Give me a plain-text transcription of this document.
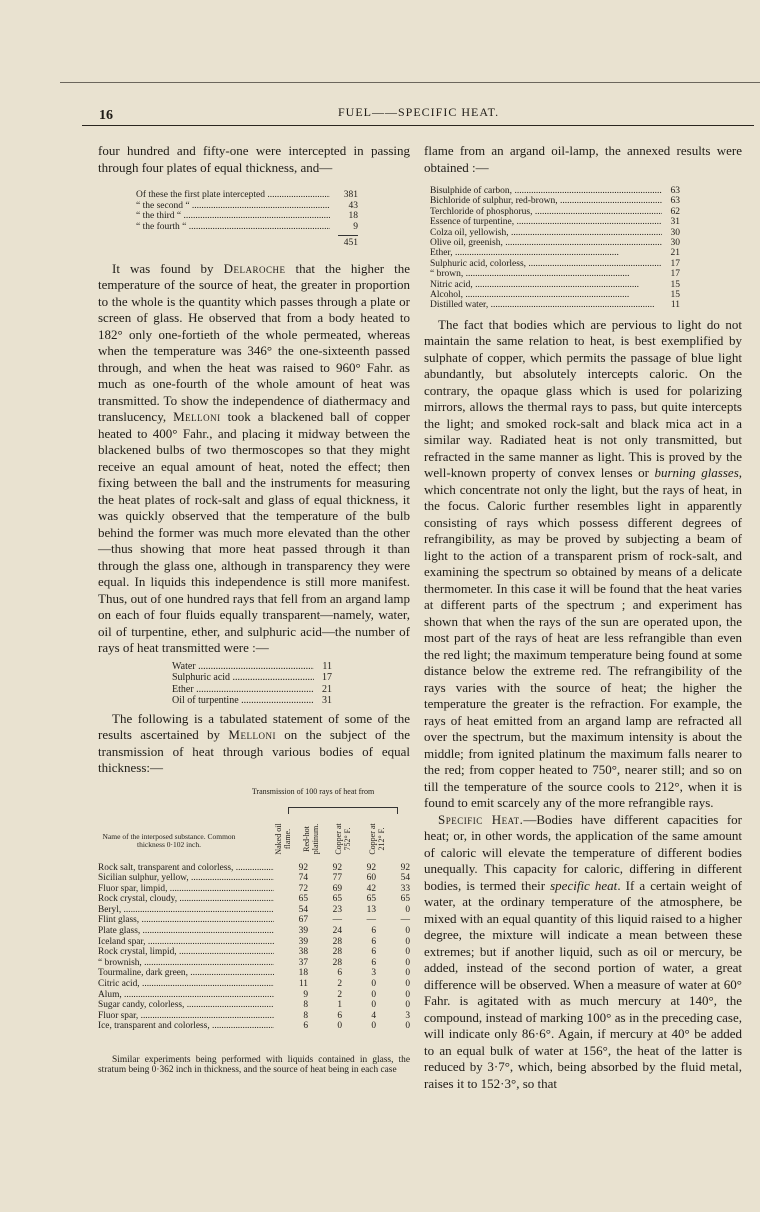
16	FUEL——SPECIFIC HEAT.

four hundred and fifty-one were intercepted in passing through four plates of equal thickness, and—

Of these the first plate intercepted .....	381
“ the second “ .....	43
“ the third “ .....	18
“ the fourth “ .....	9
451

It was found by Delaroche that the higher the temperature of the source of heat, the greater in proportion to the whole is the quantity which passes through a plate or screen of glass. He observed that from a body heated to 182° only one-fortieth of the whole permeated, whereas when the temperature was 346° the one-sixteenth passed through, and when the heat was raised to 960° Fahr. as much as one-fourth of the whole amount of heat was transmitted. To show the independence of diathermacy and translucency, Melloni took a blackened ball of copper heated to 400° Fahr., and placing it midway between the blackened bulbs of two thermoscopes so that they might receive an equal amount of heat, noted the effect; then fixing between the ball and the instruments for measuring the heat plates of rock-salt and glass of equal thickness, it was quickly observed that the temperature of the bulb behind the former was much more elevated than the other—thus showing that more heat passed through it than through the glass one, although in transparency they were equal. In liquids this independence is still more manifest. Thus, out of one hundred rays that fell from an argand lamp on each of four fluids equally transparent—namely, water, oil of turpentine, ether, and sulphuric acid—the number of rays of heat transmitted were :—

Water .....	11
Sulphuric acid .....	17
Ether .....	21
Oil of turpentine .....	31

The following is a tabulated statement of some of the results ascertained by Melloni on the subject of the transmission of heat through various bodies of equal thickness:—

Transmission of 100 rays of heat from
Name of the interposed substance. Common thickness 0·102 inch.	Naked oil flame. Red-hot platinum. Copper at 752° F. Copper at 212° F.
Rock salt, transparent and colorless, .....	92	92	92	92
Sicilian sulphur, yellow, .....	74	77	60	54
Fluor spar, limpid, .....	72	69	42	33
Rock crystal, cloudy, .....	65	65	65	65
Beryl, .....	54	23	13	0
Flint glass, .....	67	—	—	—
Plate glass, .....	39	24	6	0
Iceland spar, .....	39	28	6	0
Rock crystal, limpid, .....	38	28	6	0
“ brownish, .....	37	28	6	0
Tourmaline, dark green, .....	18	6	3	0
Citric acid, .....	11	2	0	0
Alum, .....	9	2	0	0
Sugar candy, colorless, .....	8	1	0	0
Fluor spar, .....	8	6	4	3
Ice, transparent and colorless, .....	6	0	0	0

Similar experiments being performed with liquids contained in glass, the stratum being 0·362 inch in thickness, and the source of heat being in each case

flame from an argand oil-lamp, the annexed results were obtained :—

Bisulphide of carbon, .....	63
Bichloride of sulphur, red-brown, .....	63
Terchloride of phosphorus, .....	62
Essence of turpentine, .....	31
Colza oil, yellowish, .....	30
Olive oil, greenish, .....	30
Ether, .....	21
Sulphuric acid, colorless, .....	17
“ brown, .....	17
Nitric acid, .....	15
Alcohol, .....	15
Distilled water, .....	11

The fact that bodies which are pervious to light do not maintain the same relation to heat, is best exemplified by sulphate of copper, which permits the passage of blue light abundantly, but absolutely intercepts caloric. On the contrary, the opaque glass which is used for polarizing mirrors, allows the thermal rays to pass, but quite intercepts the light; and smoked rock-salt and black mica act in a similar way. Radiated heat is not only transmitted, but refracted in the same manner as light. This is proved by the well-known property of convex lenses or burning glasses, which concentrate not only the light, but the rays of heat, in the focus. Caloric further resembles light in apparently consisting of rays which possess different degrees of refrangibility, as may be proved by subjecting a beam of light to the action of a transparent prism of rock-salt, and examining the spectrum so obtained by means of a delicate thermometer. In this case it will be found that the heat varies at different parts of the spectrum ; and experiment has shown that when the rays of the sun are operated upon, the most part of the rays of heat are less refrangible than even the red light; the maximum temperature being found at some distance below the extreme red. The refrangibility of the rays varies with the source of heat; the higher the temperature the greater is the refraction. For example, the rays of heat emitted from an argand lamp are refracted all over the spectrum, but the maximum intensity is about the middle; from ignited platinum the maximum falls nearer to the red; from copper heated to 750°, nearer still; and so on till the temperature of the source cools to 212°, when it is found to emit scarcely any of the more refrangible rays.

Specific Heat.—Bodies have different capacities for heat; or, in other words, the application of the same amount of caloric will elevate the temperature of different bodies unequally. This capacity for caloric, differing in different bodies, is termed their specific heat. If a certain weight of water, at the ordinary temperature of the atmosphere, be mixed with an equal quantity of this liquid raised to a higher degree, the mixture will indicate a mean between these extremes; but if another liquid, such as oil or mercury, be added, instead of the second portion of water, a great difference will be observed. When a measure of water at 60° Fahr. is agitated with as much mercury at 140°, the compound, instead of marking 100° as in the preceding case, will indicate only 86·6°. Again, if mercury at 40° be added to an equal bulk of water at 156°, the heat of the latter is reduced by 3·7°, which, being absorbed by the fluid metal, raises it to 152·3°, so that
